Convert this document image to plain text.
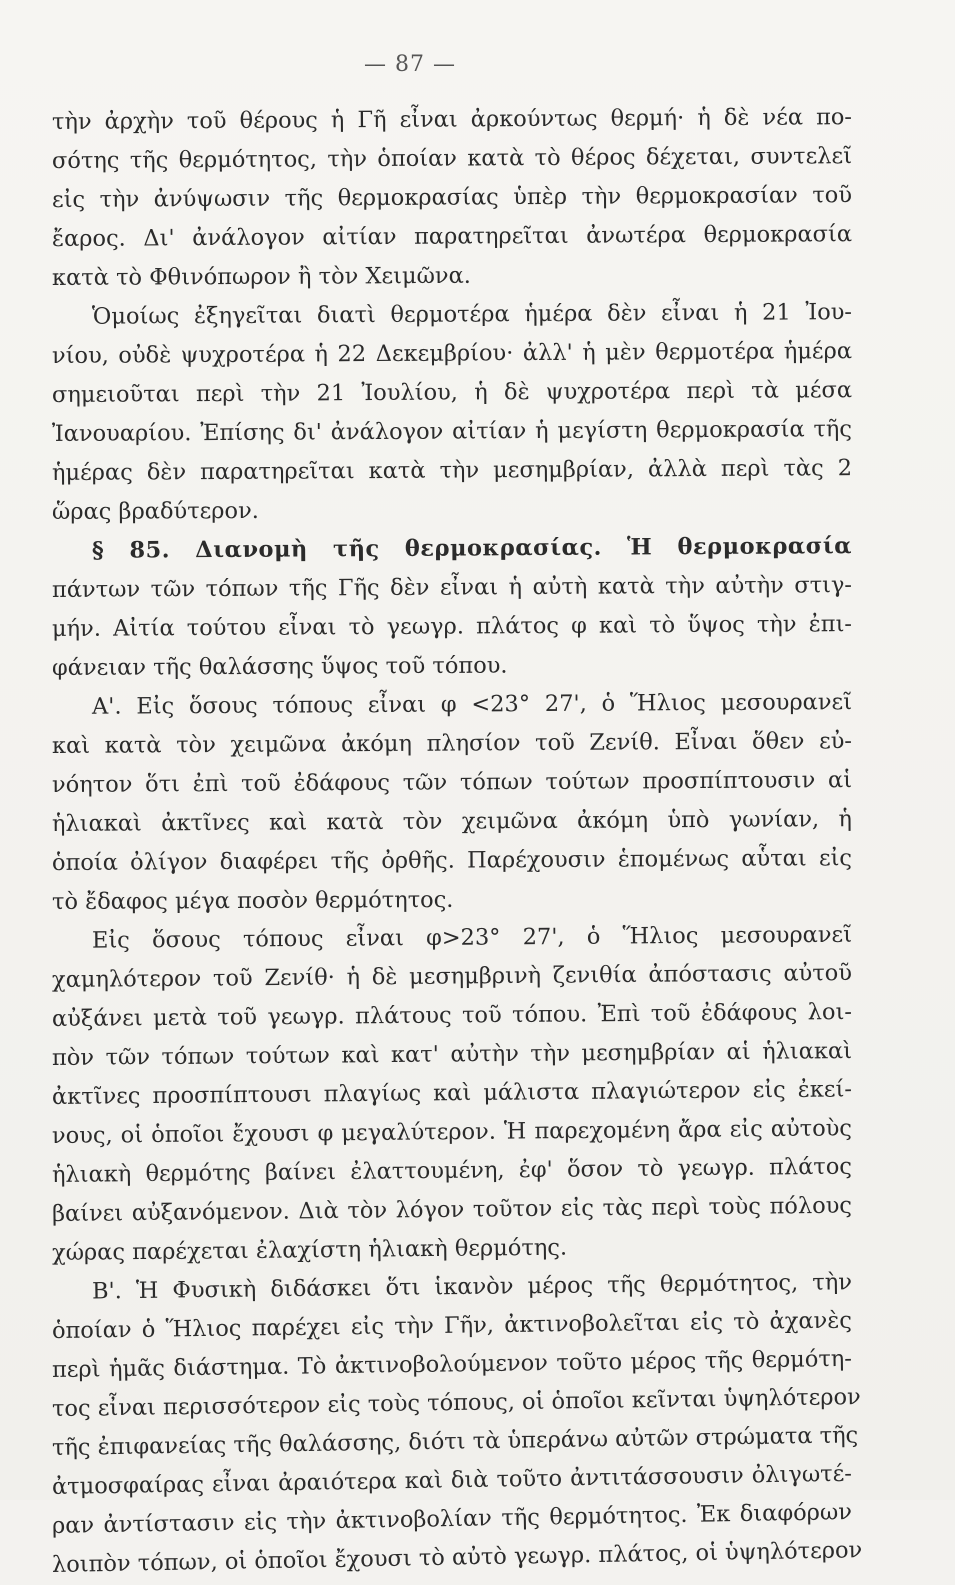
— 87 —
τὴν ἀρχὴν τοῦ θέρους ἡ Γῆ εἶναι ἀρκούντως θερμή· ἡ δὲ νέα πο-
σότης τῆς θερμότητος, τὴν ὁποίαν κατὰ τὸ θέρος δέχεται, συντελεῖ
εἰς τὴν ἀνύψωσιν τῆς θερμοκρασίας ὑπὲρ τὴν θερμοκρασίαν τοῦ
ἔαρος. Δι' ἀνάλογον αἰτίαν παρατηρεῖται ἀνωτέρα θερμοκρασία
κατὰ τὸ Φθινόπωρον ἢ τὸν Χειμῶνα.
Ὁμοίως ἐξηγεῖται διατὶ θερμοτέρα ἡμέρα δὲν εἶναι ἡ 21 Ἰου-
νίου, οὐδὲ ψυχροτέρα ἡ 22 Δεκεμβρίου· ἀλλ' ἡ μὲν θερμοτέρα ἡμέρα
σημειοῦται περὶ τὴν 21 Ἰουλίου, ἡ δὲ ψυχροτέρα περὶ τὰ μέσα
Ἰανουαρίου. Ἐπίσης δι' ἀνάλογον αἰτίαν ἡ μεγίστη θερμοκρασία τῆς
ἡμέρας δὲν παρατηρεῖται κατὰ τὴν μεσημβρίαν, ἀλλὰ περὶ τὰς 2
ὥρας βραδύτερον.
§ 85. Διανομὴ τῆς θερμοκρασίας. Ἡ θερμοκρασία
πάντων τῶν τόπων τῆς Γῆς δὲν εἶναι ἡ αὐτὴ κατὰ τὴν αὐτὴν στιγ-
μήν. Αἰτία τούτου εἶναι τὸ γεωγρ. πλάτος φ καὶ τὸ ὕψος τὴν ἐπι-
φάνειαν τῆς θαλάσσης ὕψος τοῦ τόπου.
Α'. Εἰς ὅσους τόπους εἶναι φ <23° 27', ὁ Ἥλιος μεσουρανεῖ
καὶ κατὰ τὸν χειμῶνα ἀκόμη πλησίον τοῦ Ζενίθ. Εἶναι ὅθεν εὐ-
νόητον ὅτι ἐπὶ τοῦ ἐδάφους τῶν τόπων τούτων προσπίπτουσιν αἱ
ἡλιακαὶ ἀκτῖνες καὶ κατὰ τὸν χειμῶνα ἀκόμη ὑπὸ γωνίαν, ἡ
ὁποία ὀλίγον διαφέρει τῆς ὀρθῆς. Παρέχουσιν ἑπομένως αὗται εἰς
τὸ ἔδαφος μέγα ποσὸν θερμότητος.
Εἰς ὅσους τόπους εἶναι φ>23° 27', ὁ Ἥλιος μεσουρανεῖ
χαμηλότερον τοῦ Ζενίθ· ἡ δὲ μεσημβρινὴ ζενιθία ἀπόστασις αὐτοῦ
αὐξάνει μετὰ τοῦ γεωγρ. πλάτους τοῦ τόπου. Ἐπὶ τοῦ ἐδάφους λοι-
πὸν τῶν τόπων τούτων καὶ κατ' αὐτὴν τὴν μεσημβρίαν αἱ ἡλιακαὶ
ἀκτῖνες προσπίπτουσι πλαγίως καὶ μάλιστα πλαγιώτερον εἰς ἐκεί-
νους, οἱ ὁποῖοι ἔχουσι φ μεγαλύτερον. Ἡ παρεχομένη ἄρα εἰς αὐτοὺς
ἡλιακὴ θερμότης βαίνει ἐλαττουμένη, ἐφ' ὅσον τὸ γεωγρ. πλάτος
βαίνει αὐξανόμενον. Διὰ τὸν λόγον τοῦτον εἰς τὰς περὶ τοὺς πόλους
χώρας παρέχεται ἐλαχίστη ἡλιακὴ θερμότης.
Β'. Ἡ Φυσικὴ διδάσκει ὅτι ἱκανὸν μέρος τῆς θερμότητος, τὴν
ὁποίαν ὁ Ἥλιος παρέχει εἰς τὴν Γῆν, ἀκτινοβολεῖται εἰς τὸ ἀχανὲς
περὶ ἡμᾶς διάστημα. Τὸ ἀκτινοβολούμενον τοῦτο μέρος τῆς θερμότη-
τος εἶναι περισσότερον εἰς τοὺς τόπους, οἱ ὁποῖοι κεῖνται ὑψηλότερον
τῆς ἐπιφανείας τῆς θαλάσσης, διότι τὰ ὑπεράνω αὐτῶν στρώματα τῆς
ἀτμοσφαίρας εἶναι ἀραιότερα καὶ διὰ τοῦτο ἀντιτάσσουσιν ὀλιγωτέ-
ραν ἀντίστασιν εἰς τὴν ἀκτινοβολίαν τῆς θερμότητος. Ἐκ διαφόρων
λοιπὸν τόπων, οἱ ὁποῖοι ἔχουσι τὸ αὐτὸ γεωγρ. πλάτος, οἱ ὑψηλότερον
